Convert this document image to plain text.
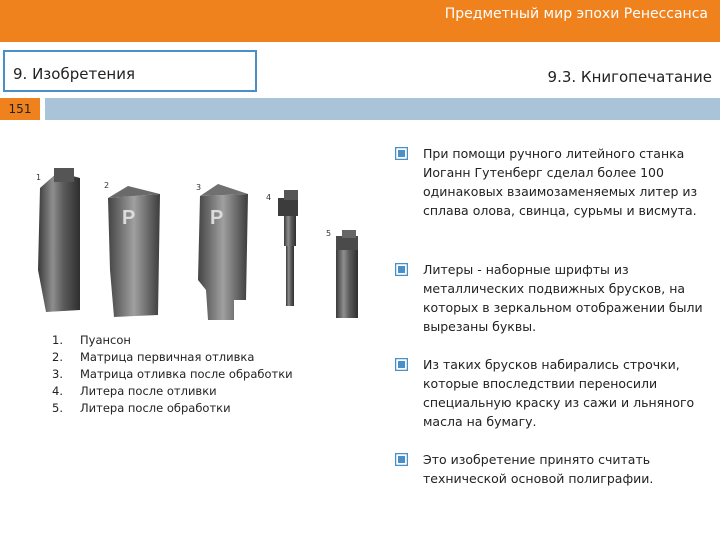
Предметный мир эпохи Ренессанса
9. Изобретения	9.3. Книгопечатание
151
P	P
1
2	3
4
5
1. Пуансон
2. Матрица первичная отливка
3. Матрица отливка после обработки
4. Литера после отливки
5. Литера после обработки
При помощи ручного литейного станка Иоганн Гутенберг сделал более 100 одинаковых взаимозаменяемых литер из сплава олова, свинца, сурьмы и висмута.
Литеры - наборные шрифты из металлических подвижных брусков, на которых в зеркальном отображении были вырезаны буквы.
Из таких брусков набирались строчки, которые впоследствии переносили специальную краску из сажи и льняного масла на бумагу.
Это изобретение принято считать технической основой полиграфии.
